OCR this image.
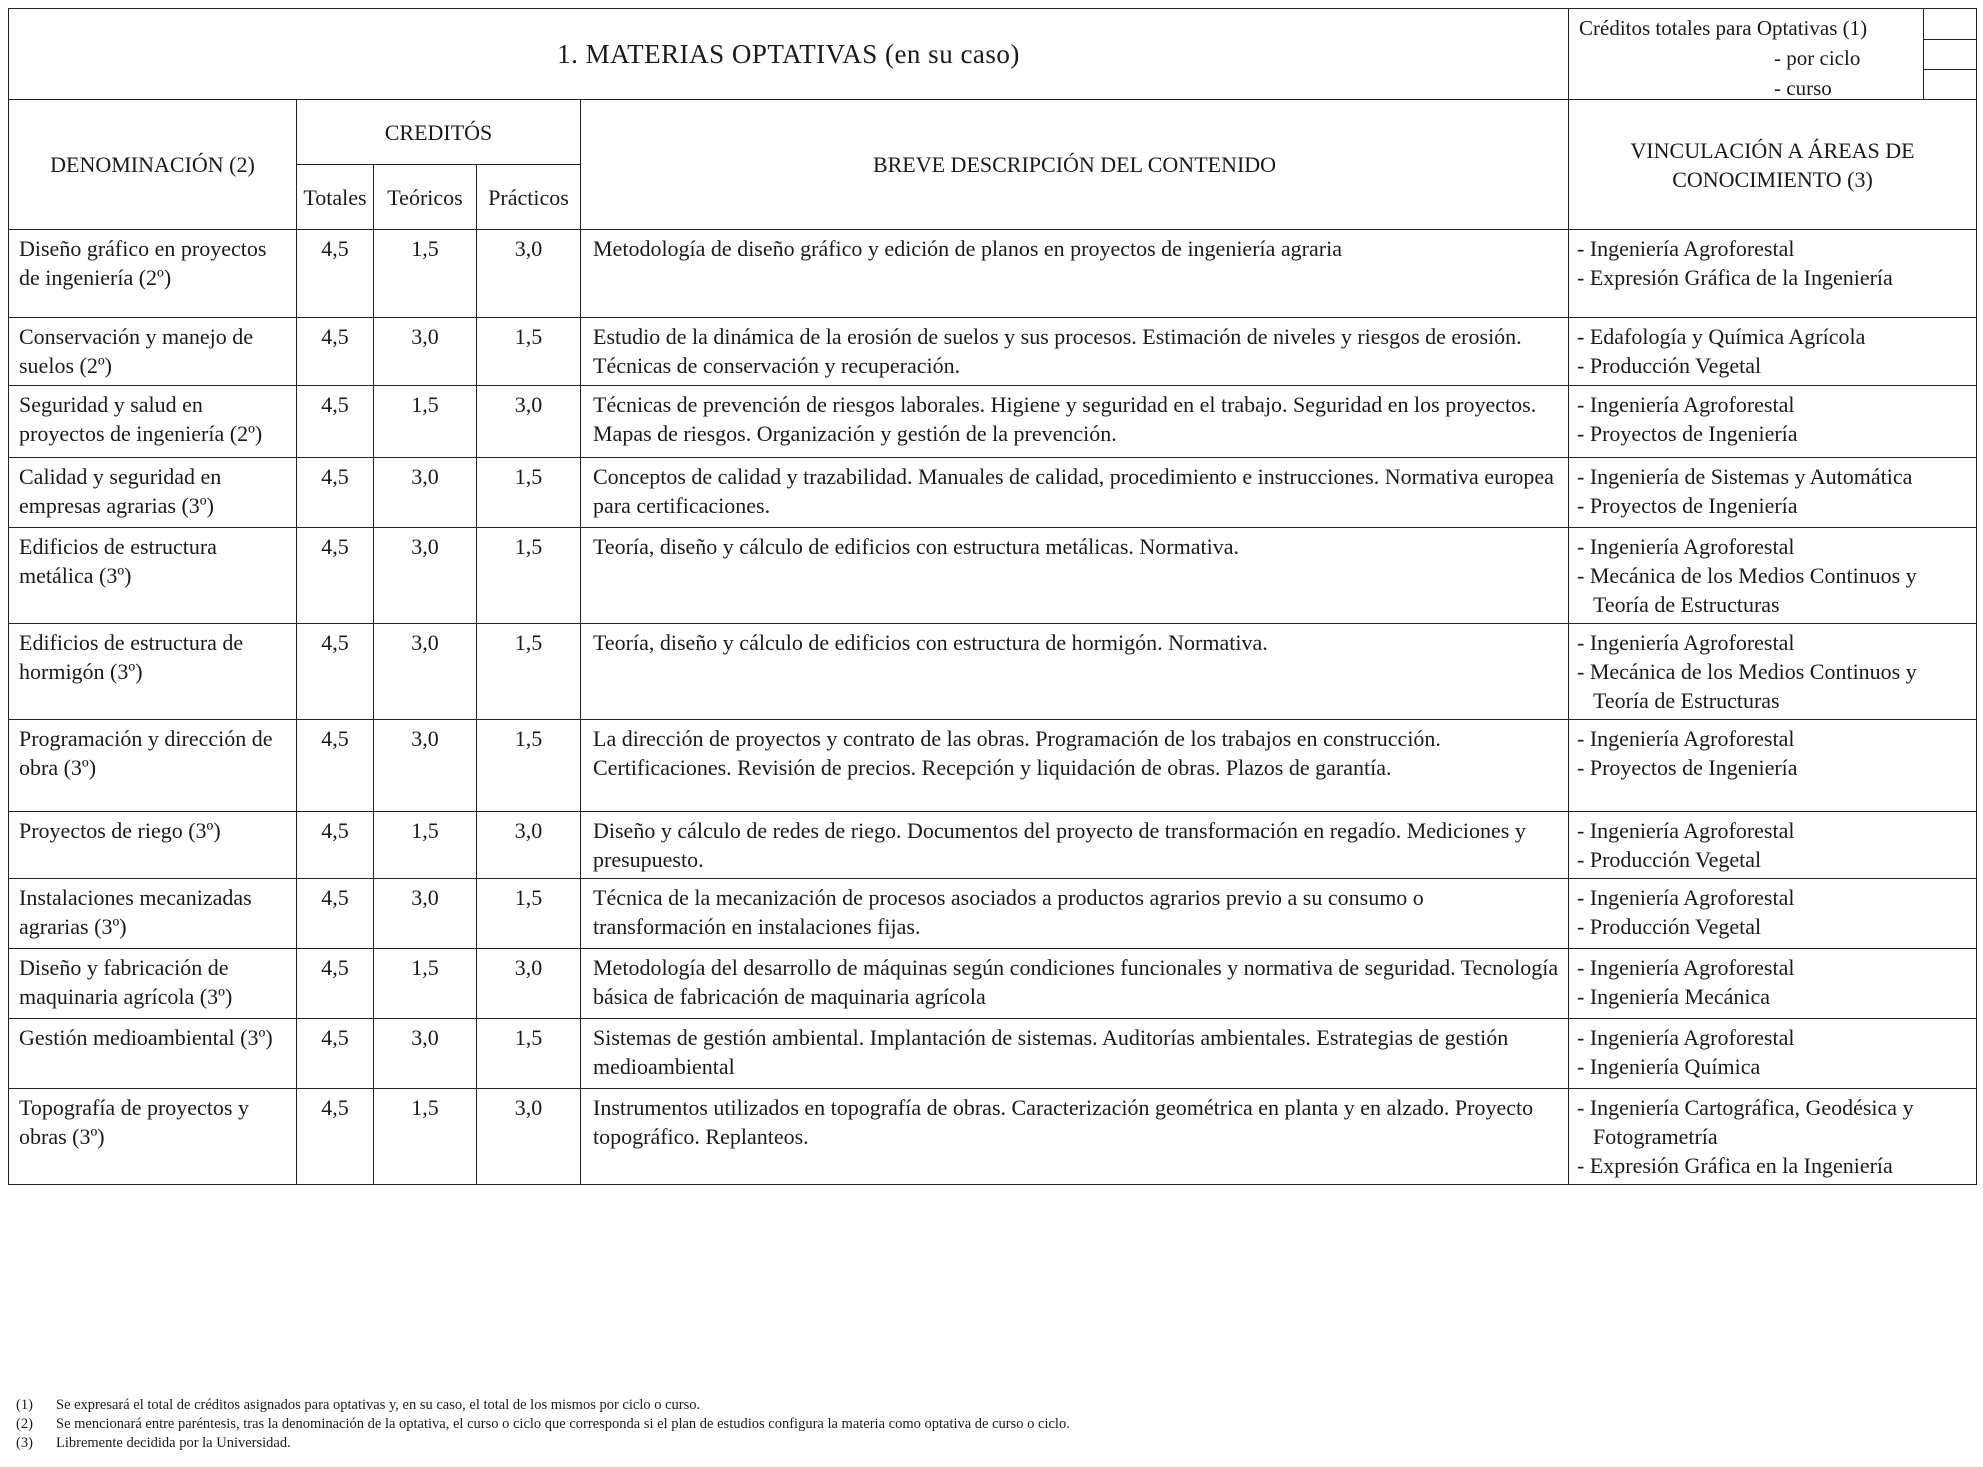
1. MATERIAS OPTATIVAS (en su caso)					Créditos totales para Optativas (1)
- por ciclo
- curso

DENOMINACIÓN (2)	CREDITÓS			BREVE DESCRIPCIÓN DEL CONTENIDO	VINCULACIÓN A ÁREAS DE CONOCIMIENTO (3)
	Totales	Teóricos	Prácticos		
Diseño gráfico en proyectos de ingeniería (2º)	4,5	1,5	3,0	Metodología de diseño gráfico y edición de planos en proyectos de ingeniería agraria	- Ingeniería Agroforestal
- Expresión Gráfica de la Ingeniería

Conservación y manejo de suelos (2º)	4,5	3,0	1,5	Estudio de la dinámica de la erosión de suelos y sus procesos. Estimación de niveles y riesgos de erosión. Técnicas de conservación y recuperación.	- Edafología y Química Agrícola
- Producción Vegetal

Seguridad y salud en proyectos de ingeniería (2º)	4,5	1,5	3,0	Técnicas de prevención de riesgos laborales. Higiene y seguridad en el trabajo. Seguridad en los proyectos. Mapas de riesgos. Organización y gestión de la prevención.	- Ingeniería Agroforestal
- Proyectos de Ingeniería

Calidad y seguridad en empresas agrarias (3º)	4,5	3,0	1,5	Conceptos de calidad y trazabilidad. Manuales de calidad, procedimiento e instrucciones. Normativa europea para certificaciones.	- Ingeniería de Sistemas y Automática
- Proyectos de Ingeniería

Edificios de estructura metálica (3º)	4,5	3,0	1,5	Teoría, diseño y cálculo de edificios con estructura metálicas. Normativa.	- Ingeniería Agroforestal
- Mecánica de los Medios Continuos y Teoría de Estructuras

Edificios de estructura de hormigón (3º)	4,5	3,0	1,5	Teoría, diseño y cálculo de edificios con estructura de hormigón. Normativa.	- Ingeniería Agroforestal
- Mecánica de los Medios Continuos y Teoría de Estructuras

Programación y dirección de obra (3º)	4,5	3,0	1,5	La dirección de proyectos y contrato de las obras. Programación de los trabajos en construcción. Certificaciones. Revisión de precios. Recepción y liquidación de obras. Plazos de garantía.	- Ingeniería Agroforestal
- Proyectos de Ingeniería

Proyectos de riego (3º)	4,5	1,5	3,0	Diseño y cálculo de redes de riego. Documentos del proyecto de transformación en regadío. Mediciones y presupuesto.	- Ingeniería Agroforestal
- Producción Vegetal

Instalaciones mecanizadas agrarias (3º)	4,5	3,0	1,5	Técnica de la mecanización de procesos asociados a productos agrarios previo a su consumo o transformación en instalaciones fijas.	- Ingeniería Agroforestal
- Producción Vegetal

Diseño y fabricación de maquinaria agrícola (3º)	4,5	1,5	3,0	Metodología del desarrollo de máquinas según condiciones funcionales y normativa de seguridad. Tecnología básica de fabricación de maquinaria agrícola	- Ingeniería Agroforestal
- Ingeniería Mecánica

Gestión medioambiental (3º)	4,5	3,0	1,5	Sistemas de gestión ambiental. Implantación de sistemas. Auditorías ambientales. Estrategias de gestión medioambiental	- Ingeniería Agroforestal
- Ingeniería Química

Topografía de proyectos y obras (3º)	4,5	1,5	3,0	Instrumentos utilizados en topografía de obras. Caracterización geométrica en planta y en alzado. Proyecto topográfico. Replanteos.	- Ingeniería Cartográfica, Geodésica y Fotogrametría
- Expresión Gráfica en la Ingeniería
(1)	Se expresará el total de créditos asignados para optativas y, en su caso, el total de los mismos por ciclo o curso.
(2)	Se mencionará entre paréntesis, tras la denominación de la optativa, el curso o ciclo que corresponda si el plan de estudios configura la materia como optativa de curso o ciclo.
(3)	Libremente decidida por la Universidad.
